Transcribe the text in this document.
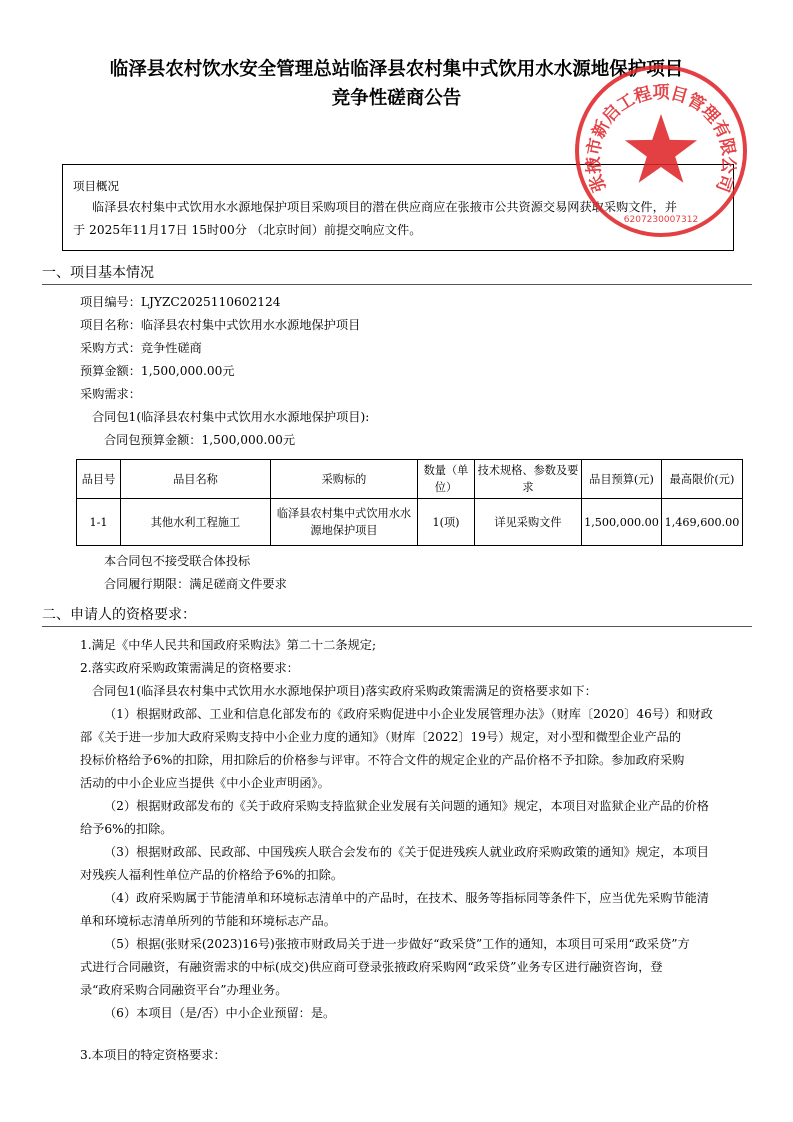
临泽县农村饮水安全管理总站临泽县农村集中式饮用水水源地保护项目
竞争性磋商公告
项目概况
临泽县农村集中式饮用水水源地保护项目采购项目的潜在供应商应在张掖市公共资源交易网获取采购文件，并
于 2025年11月17日 15时00分 （北京时间）前提交响应文件。
一、项目基本情况
项目编号：LJYZC2025110602124
项目名称：临泽县农村集中式饮用水水源地保护项目
采购方式：竞争性磋商
预算金额：1,500,000.00元
采购需求：
合同包1(临泽县农村集中式饮用水水源地保护项目):
合同包预算金额：1,500,000.00元
品目号	品目名称	采购标的	数量（单位）	技术规格、参数及要求	品目预算(元)	最高限价(元)
1-1	其他水利工程施工	临泽县农村集中式饮用水水源地保护项目	1(项)	详见采购文件	1,500,000.00	1,469,600.00
本合同包不接受联合体投标
合同履行期限：满足磋商文件要求
二、申请人的资格要求：
1.满足《中华人民共和国政府采购法》第二十二条规定;
2.落实政府采购政策需满足的资格要求：
合同包1(临泽县农村集中式饮用水水源地保护项目)落实政府采购政策需满足的资格要求如下：
（1）根据财政部、工业和信息化部发布的《政府采购促进中小企业发展管理办法》（财库〔2020〕46号）和财政
部《关于进一步加大政府采购支持中小企业力度的通知》（财库〔2022〕19号）规定，对小型和微型企业产品的
投标价格给予6%的扣除，用扣除后的价格参与评审。不符合文件的规定企业的产品价格不予扣除。参加政府采购
活动的中小企业应当提供《中小企业声明函》。
（2）根据财政部发布的《关于政府采购支持监狱企业发展有关问题的通知》规定，本项目对监狱企业产品的价格
给予6%的扣除。
（3）根据财政部、民政部、中国残疾人联合会发布的《关于促进残疾人就业政府采购政策的通知》规定，本项目
对残疾人福利性单位产品的价格给予6%的扣除。
（4）政府采购属于节能清单和环境标志清单中的产品时，在技术、服务等指标同等条件下，应当优先采购节能清
单和环境标志清单所列的节能和环境标志产品。
（5）根据(张财采(2023)16号)张掖市财政局关于进一步做好“政采贷”工作的通知，本项目可采用“政采贷”方
式进行合同融资，有融资需求的中标(成交)供应商可登录张掖政府采购网“政采贷”业务专区进行融资咨询，登
录“政府采购合同融资平台”办理业务。
（6）本项目（是/否）中小企业预留：是。
3.本项目的特定资格要求：
张掖市新启工程项目管理有限公司
6207230007312
